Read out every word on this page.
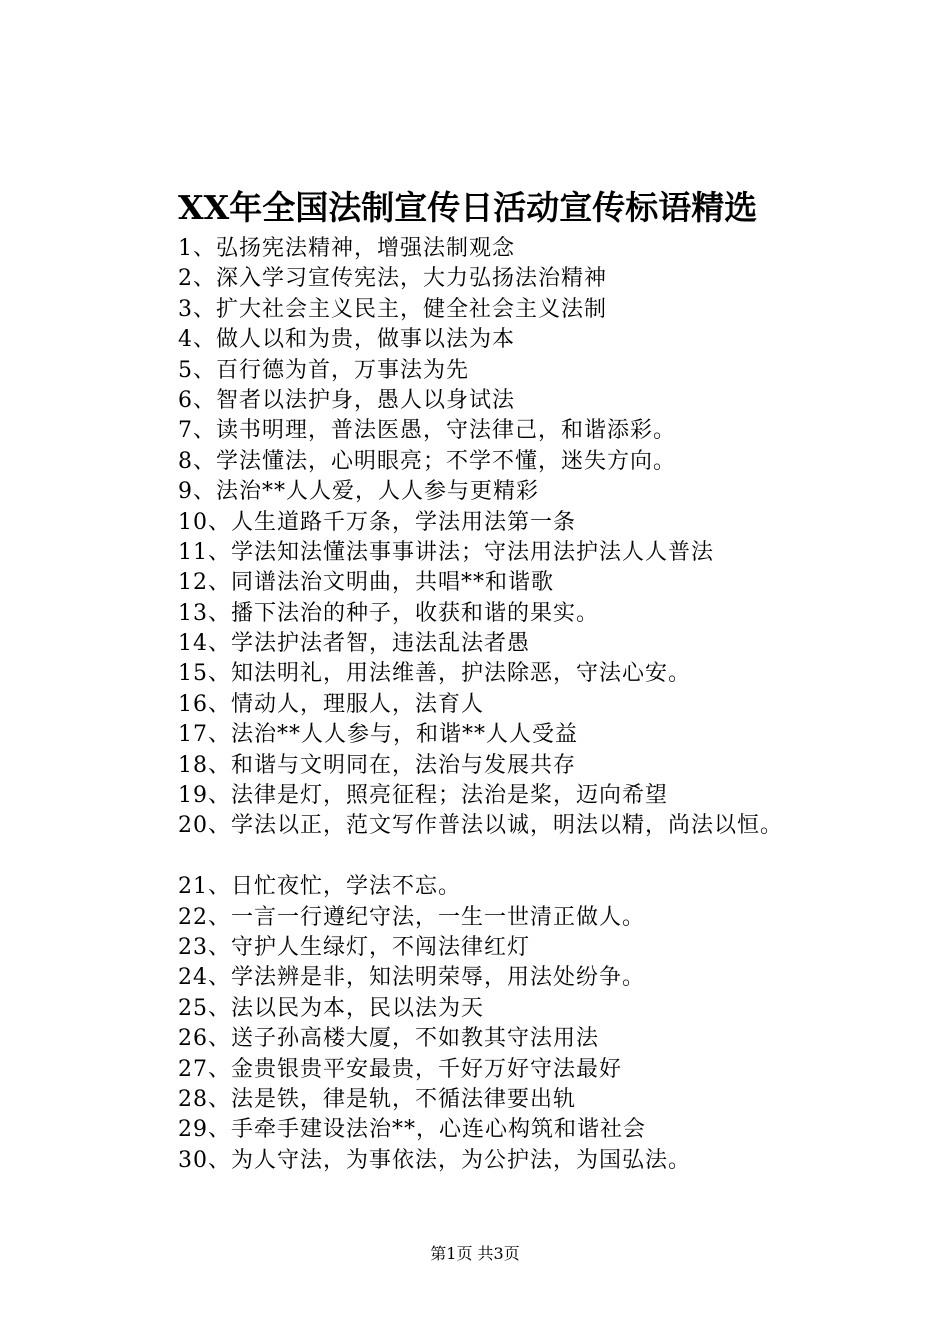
XX年全国法制宣传日活动宣传标语精选
1、弘扬宪法精神，增强法制观念
2、深入学习宣传宪法，大力弘扬法治精神
3、扩大社会主义民主，健全社会主义法制
4、做人以和为贵，做事以法为本
5、百行德为首，万事法为先
6、智者以法护身，愚人以身试法
7、读书明理，普法医愚，守法律己，和谐添彩。
8、学法懂法，心明眼亮；不学不懂，迷失方向。
9、法治**人人爱，人人参与更精彩
10、人生道路千万条，学法用法第一条
11、学法知法懂法事事讲法；守法用法护法人人普法
12、同谱法治文明曲，共唱**和谐歌
13、播下法治的种子，收获和谐的果实。
14、学法护法者智，违法乱法者愚
15、知法明礼，用法维善，护法除恶，守法心安。
16、情动人，理服人，法育人
17、法治**人人参与，和谐**人人受益
18、和谐与文明同在，法治与发展共存
19、法律是灯，照亮征程；法治是桨，迈向希望
20、学法以正，范文写作普法以诚，明法以精，尚法以恒。
21、日忙夜忙，学法不忘。
22、一言一行遵纪守法，一生一世清正做人。
23、守护人生绿灯，不闯法律红灯
24、学法辨是非，知法明荣辱，用法处纷争。
25、法以民为本，民以法为天
26、送子孙高楼大厦，不如教其守法用法
27、金贵银贵平安最贵，千好万好守法最好
28、法是铁，律是轨，不循法律要出轨
29、手牵手建设法治**，心连心构筑和谐社会
30、为人守法，为事依法，为公护法，为国弘法。
第1页 共3页
